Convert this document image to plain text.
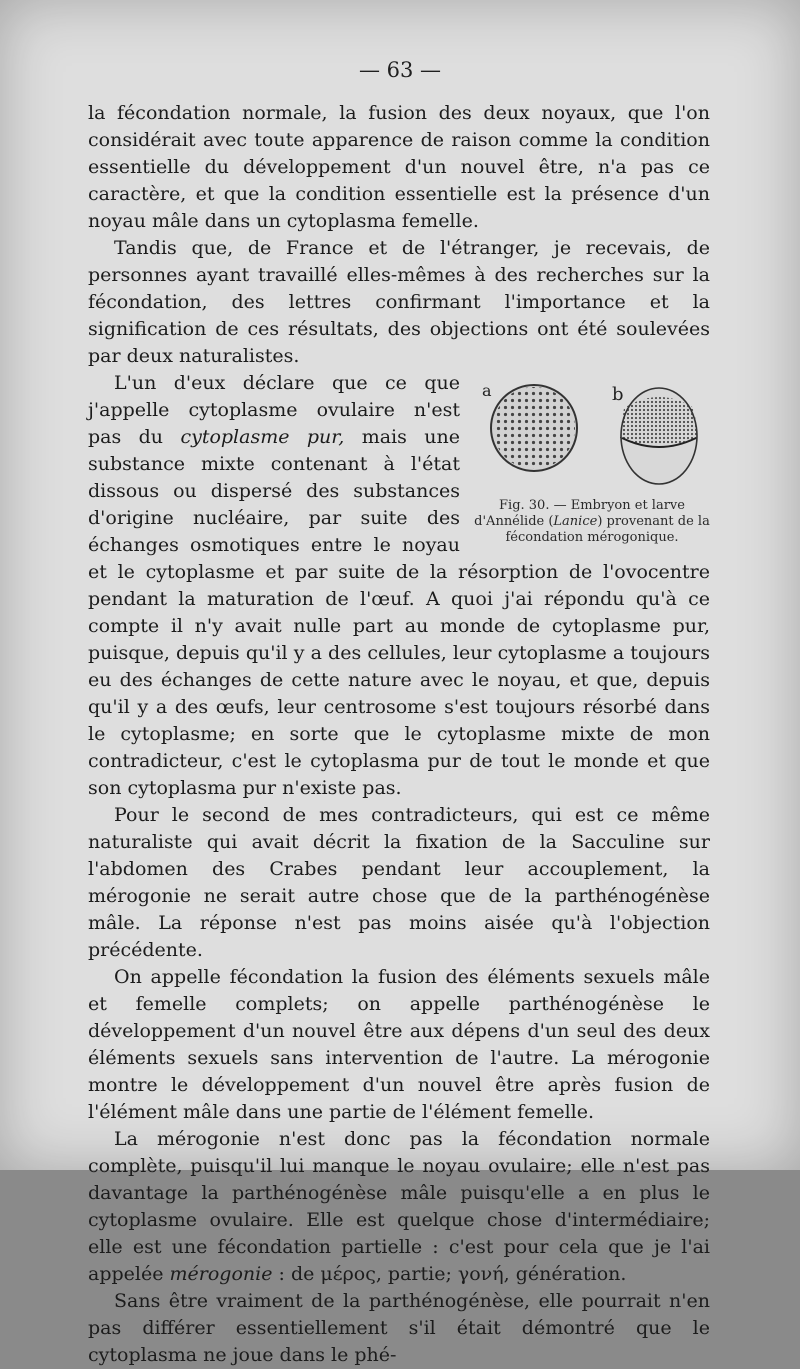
— 63 —

la fécondation normale, la fusion des deux noyaux, que l'on considérait avec toute apparence de raison comme la condition essentielle du développement d'un nouvel être, n'a pas ce caractère, et que la condition essentielle est la présence d'un noyau mâle dans un cytoplasma femelle.

Tandis que, de France et de l'étranger, je recevais, de personnes ayant travaillé elles-mêmes à des recherches sur la fécondation, des lettres confirmant l'importance et la signification de ces résultats, des objections ont été soulevées par deux naturalistes.

a	b
Fig. 30. — Embryon et larve d'Annélide (Lanice) provenant de la fécondation mérogonique.

L'un d'eux déclare que ce que j'appelle cytoplasme ovulaire n'est pas du cytoplasme pur, mais une substance mixte contenant à l'état dissous ou dispersé des substances d'origine nucléaire, par suite des échanges osmotiques entre le noyau et le cytoplasme et par suite de la résorption de l'ovocentre pendant la maturation de l'œuf. A quoi j'ai répondu qu'à ce compte il n'y avait nulle part au monde de cytoplasme pur, puisque, depuis qu'il y a des cellules, leur cytoplasme a toujours eu des échanges de cette nature avec le noyau, et que, depuis qu'il y a des œufs, leur centrosome s'est toujours résorbé dans le cytoplasme; en sorte que le cytoplasme mixte de mon contradicteur, c'est le cytoplasma pur de tout le monde et que son cytoplasma pur n'existe pas.

Pour le second de mes contradicteurs, qui est ce même naturaliste qui avait décrit la fixation de la Sacculine sur l'abdomen des Crabes pendant leur accouplement, la mérogonie ne serait autre chose que de la parthénogénèse mâle. La réponse n'est pas moins aisée qu'à l'objection précédente.

On appelle fécondation la fusion des éléments sexuels mâle et femelle complets; on appelle parthénogénèse le développement d'un nouvel être aux dépens d'un seul des deux éléments sexuels sans intervention de l'autre. La mérogonie montre le développement d'un nouvel être après fusion de l'élément mâle dans une partie de l'élément femelle.

La mérogonie n'est donc pas la fécondation normale complète, puisqu'il lui manque le noyau ovulaire; elle n'est pas davantage la parthénogénèse mâle puisqu'elle a en plus le cytoplasme ovulaire. Elle est quelque chose d'intermédiaire; elle est une fécondation partielle : c'est pour cela que je l'ai appelée mérogonie : de μέρος, partie; γονή, génération.

Sans être vraiment de la parthénogénèse, elle pourrait n'en pas différer essentiellement s'il était démontré que le cytoplasma ne joue dans le phé-
